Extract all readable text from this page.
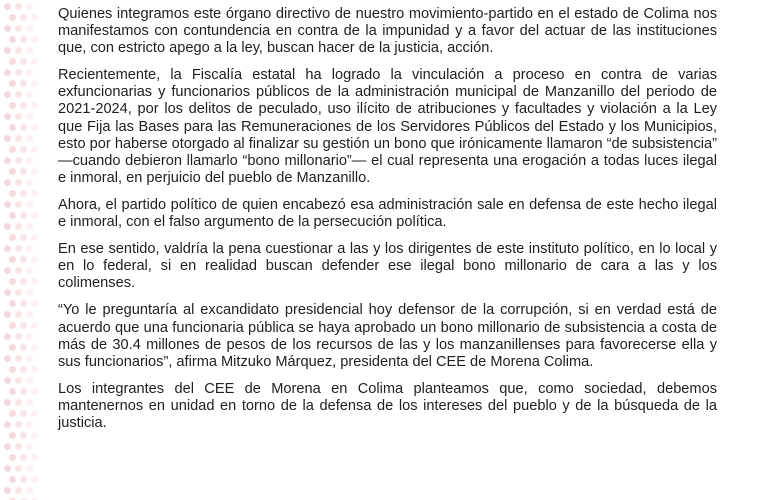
Quienes integramos este órgano directivo de nuestro movimiento-partido en el estado de Colima nos manifestamos con contundencia en contra de la impunidad y a favor del actuar de las instituciones que, con estricto apego a la ley, buscan hacer de la justicia, acción.

Recientemente, la Fiscalía estatal ha logrado la vinculación a proceso en contra de varias exfuncionarias y funcionarios públicos de la administración municipal de Manzanillo del periodo de 2021-2024, por los delitos de peculado, uso ilícito de atribuciones y facultades y violación a la Ley que Fija las Bases para las Remuneraciones de los Servidores Públicos del Estado y los Municipios, esto por haberse otorgado al finalizar su gestión un bono que irónicamente llamaron “de subsistencia” —cuando debieron llamarlo “bono millonario”— el cual representa una erogación a todas luces ilegal e inmoral, en perjuicio del pueblo de Manzanillo.

Ahora, el partido político de quien encabezó esa administración sale en defensa de este hecho ilegal e inmoral, con el falso argumento de la persecución política.

En ese sentido, valdría la pena cuestionar a las y los dirigentes de este instituto político, en lo local y en lo federal, si en realidad buscan defender ese ilegal bono millonario de cara a las y los colimenses.

“Yo le preguntaría al excandidato presidencial hoy defensor de la corrupción, si en verdad está de acuerdo que una funcionaria pública se haya aprobado un bono millonario de subsistencia a costa de más de 30.4 millones de pesos de los recursos de las y los manzanillenses para favorecerse ella y sus funcionarios”, afirma Mitzuko Márquez, presidenta del CEE de Morena Colima.

Los integrantes del CEE de Morena en Colima planteamos que, como sociedad, debemos mantenernos en unidad en torno de la defensa de los intereses del pueblo y de la búsqueda de la justicia.
